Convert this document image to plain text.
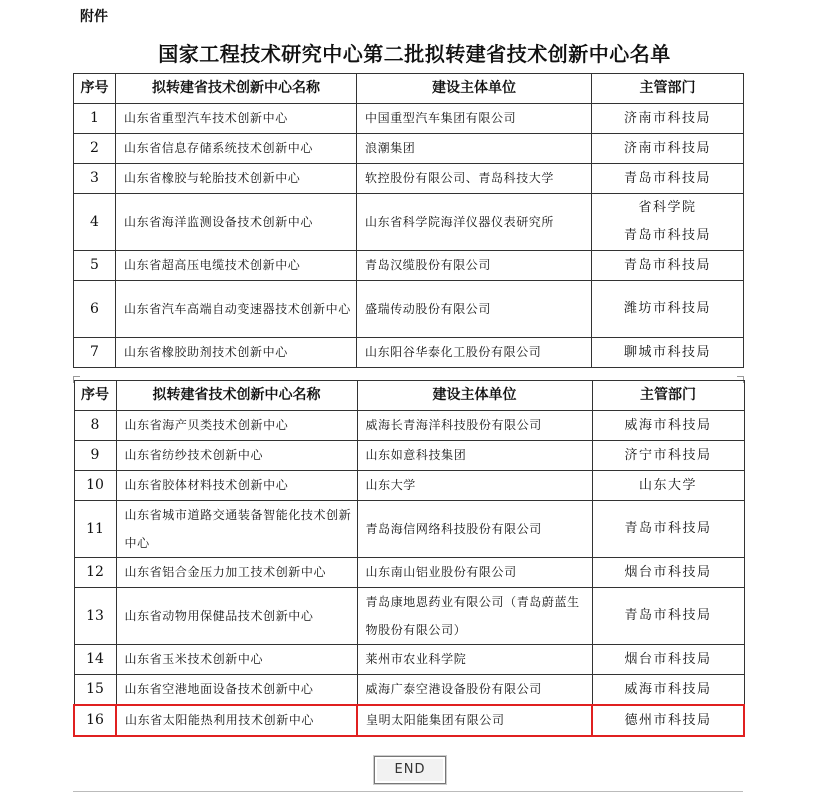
附件
国家工程技术研究中心第二批拟转建省技术创新中心名单
序号	拟转建省技术创新中心名称	建设主体单位	主管部门
1	山东省重型汽车技术创新中心	中国重型汽车集团有限公司	济南市科技局
2	山东省信息存储系统技术创新中心	浪潮集团	济南市科技局
3	山东省橡胶与轮胎技术创新中心	软控股份有限公司、青岛科技大学	青岛市科技局
4	山东省海洋监测设备技术创新中心	山东省科学院海洋仪器仪表研究所	省科学院
青岛市科技局
5	山东省超高压电缆技术创新中心	青岛汉缆股份有限公司	青岛市科技局
6	山东省汽车高端自动变速器技术创新中心	盛瑞传动股份有限公司	潍坊市科技局
7	山东省橡胶助剂技术创新中心	山东阳谷华泰化工股份有限公司	聊城市科技局
序号	拟转建省技术创新中心名称	建设主体单位	主管部门
8	山东省海产贝类技术创新中心	威海长青海洋科技股份有限公司	威海市科技局
9	山东省纺纱技术创新中心	山东如意科技集团	济宁市科技局
10	山东省胶体材料技术创新中心	山东大学	山东大学
11	山东省城市道路交通装备智能化技术创新中心	青岛海信网络科技股份有限公司	青岛市科技局
12	山东省铝合金压力加工技术创新中心	山东南山铝业股份有限公司	烟台市科技局
13	山东省动物用保健品技术创新中心	青岛康地恩药业有限公司（青岛蔚蓝生物股份有限公司）	青岛市科技局
14	山东省玉米技术创新中心	莱州市农业科学院	烟台市科技局
15	山东省空港地面设备技术创新中心	威海广泰空港设备股份有限公司	威海市科技局
16	山东省太阳能热利用技术创新中心	皇明太阳能集团有限公司	德州市科技局
END
